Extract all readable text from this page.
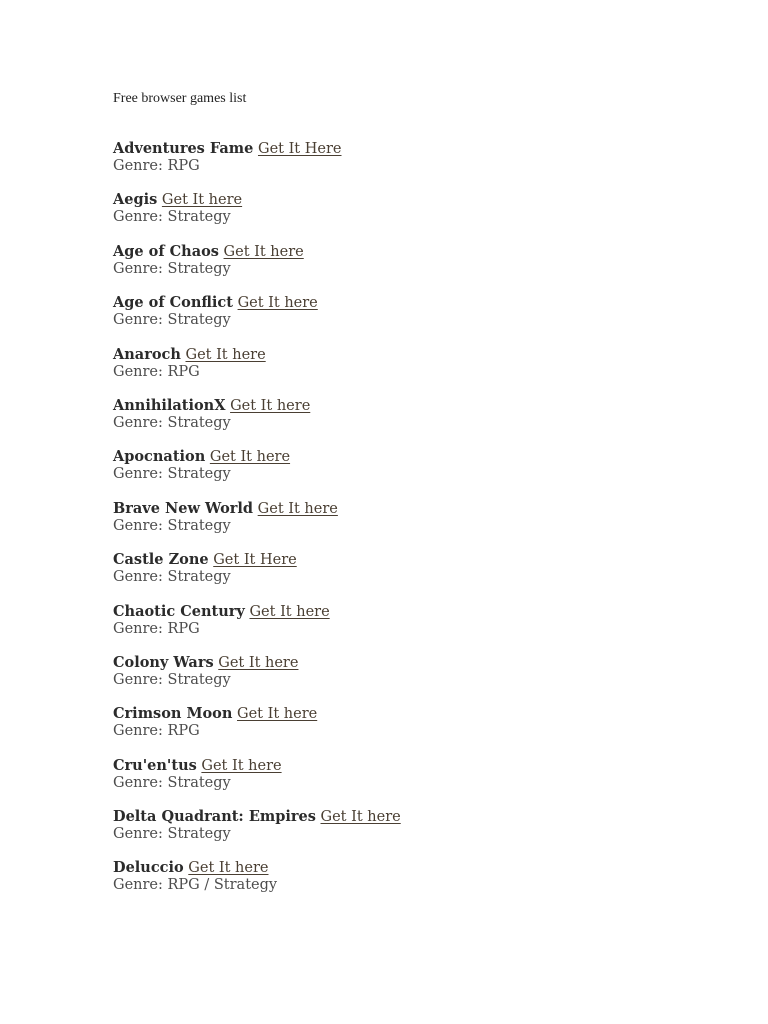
Free browser games list
Adventures Fame Get It Here
Genre: RPG
Aegis Get It here
Genre: Strategy
Age of Chaos Get It here
Genre: Strategy
Age of Conflict Get It here
Genre: Strategy
Anaroch Get It here
Genre: RPG
AnnihilationX Get It here
Genre: Strategy
Apocnation Get It here
Genre: Strategy
Brave New World Get It here
Genre: Strategy
Castle Zone Get It Here
Genre: Strategy
Chaotic Century Get It here
Genre: RPG
Colony Wars Get It here
Genre: Strategy
Crimson Moon Get It here
Genre: RPG
Cru'en'tus Get It here
Genre: Strategy
Delta Quadrant: Empires Get It here
Genre: Strategy
Deluccio Get It here
Genre: RPG / Strategy
